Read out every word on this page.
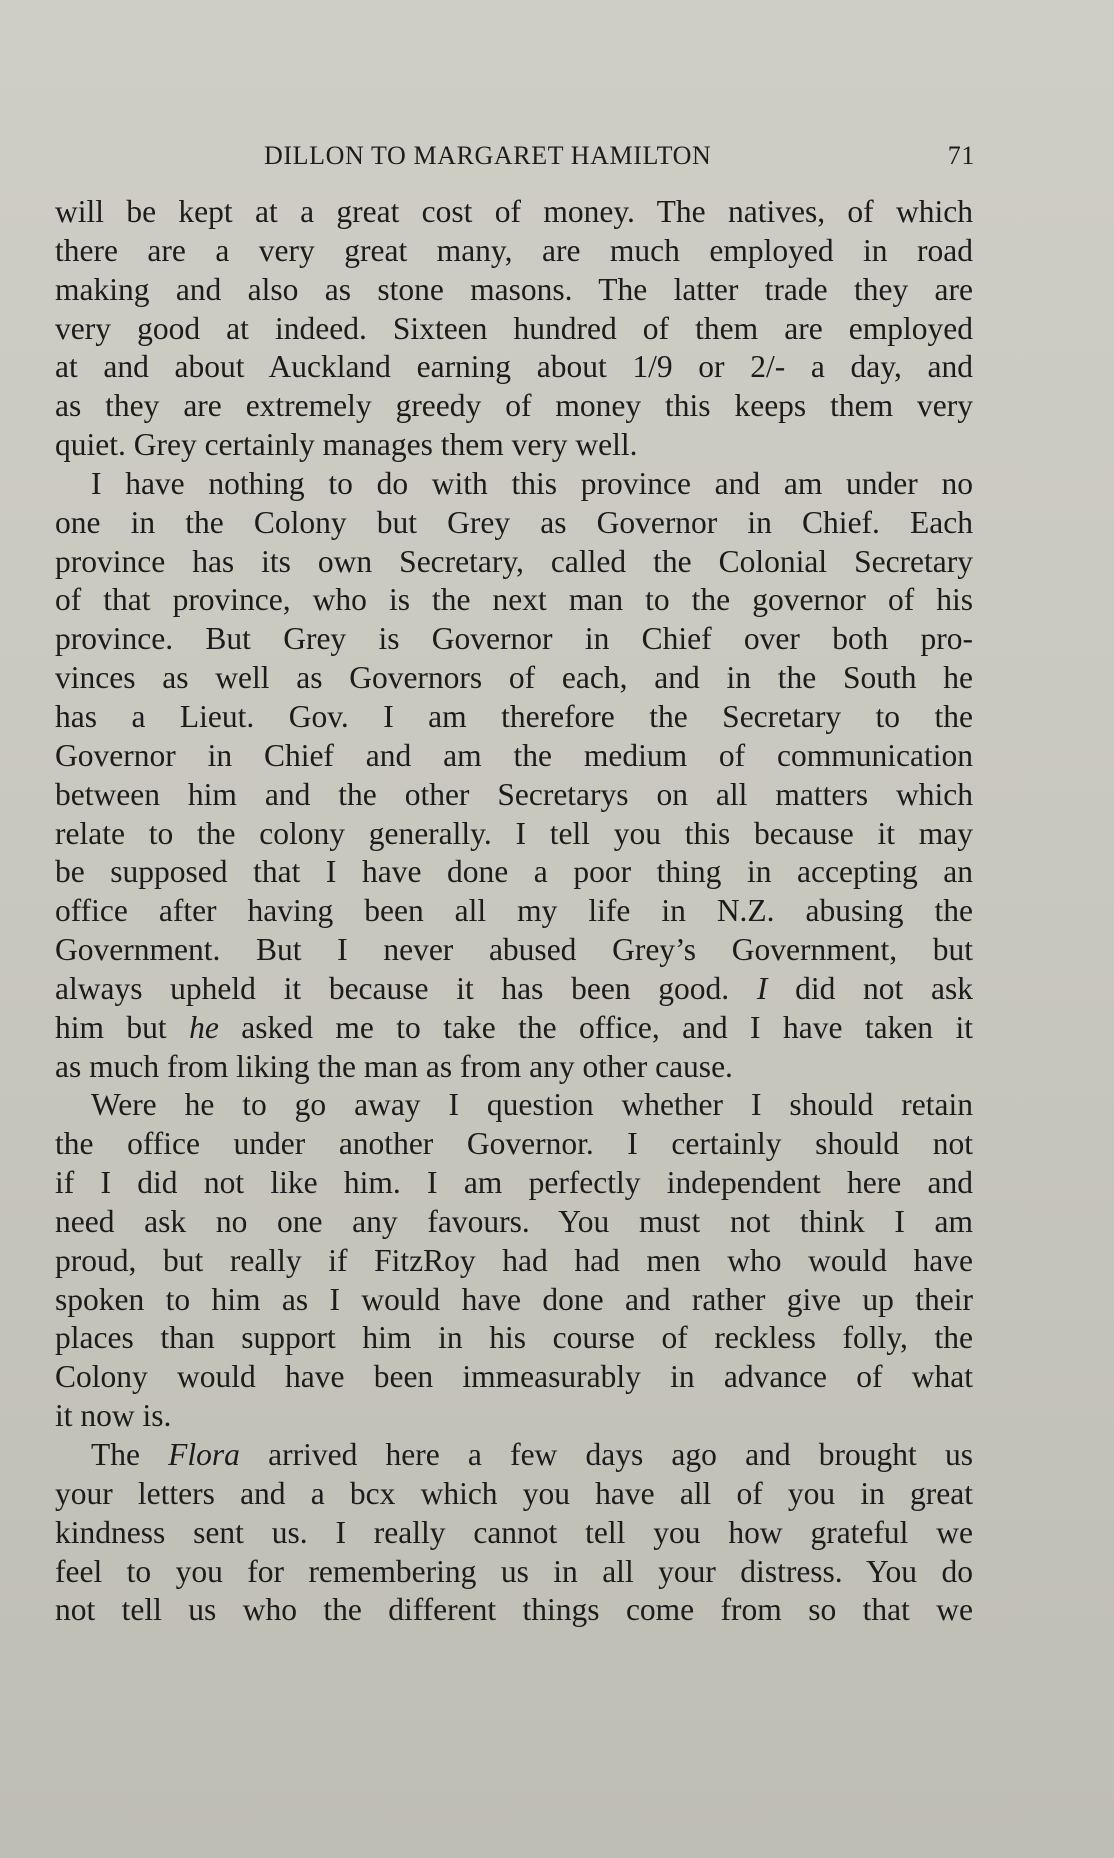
DILLON TO MARGARET HAMILTON	71
will be kept at a great cost of money. The natives, of which
there are a very great many, are much employed in road
making and also as stone masons. The latter trade they are
very good at indeed. Sixteen hundred of them are employed
at and about Auckland earning about 1/9 or 2/- a day, and
as they are extremely greedy of money this keeps them very
quiet. Grey certainly manages them very well.
I have nothing to do with this province and am under no
one in the Colony but Grey as Governor in Chief. Each
province has its own Secretary, called the Colonial Secretary
of that province, who is the next man to the governor of his
province. But Grey is Governor in Chief over both pro-
vinces as well as Governors of each, and in the South he
has a Lieut. Gov. I am therefore the Secretary to the
Governor in Chief and am the medium of communication
between him and the other Secretarys on all matters which
relate to the colony generally. I tell you this because it may
be supposed that I have done a poor thing in accepting an
office after having been all my life in N.Z. abusing the
Government. But I never abused Grey’s Government, but
always upheld it because it has been good. I did not ask
him but he asked me to take the office, and I have taken it
as much from liking the man as from any other cause.
Were he to go away I question whether I should retain
the office under another Governor. I certainly should not
if I did not like him. I am perfectly independent here and
need ask no one any favours. You must not think I am
proud, but really if FitzRoy had had men who would have
spoken to him as I would have done and rather give up their
places than support him in his course of reckless folly, the
Colony would have been immeasurably in advance of what
it now is.
The Flora arrived here a few days ago and brought us
your letters and a bcx which you have all of you in great
kindness sent us. I really cannot tell you how grateful we
feel to you for remembering us in all your distress. You do
not tell us who the different things come from so that we
